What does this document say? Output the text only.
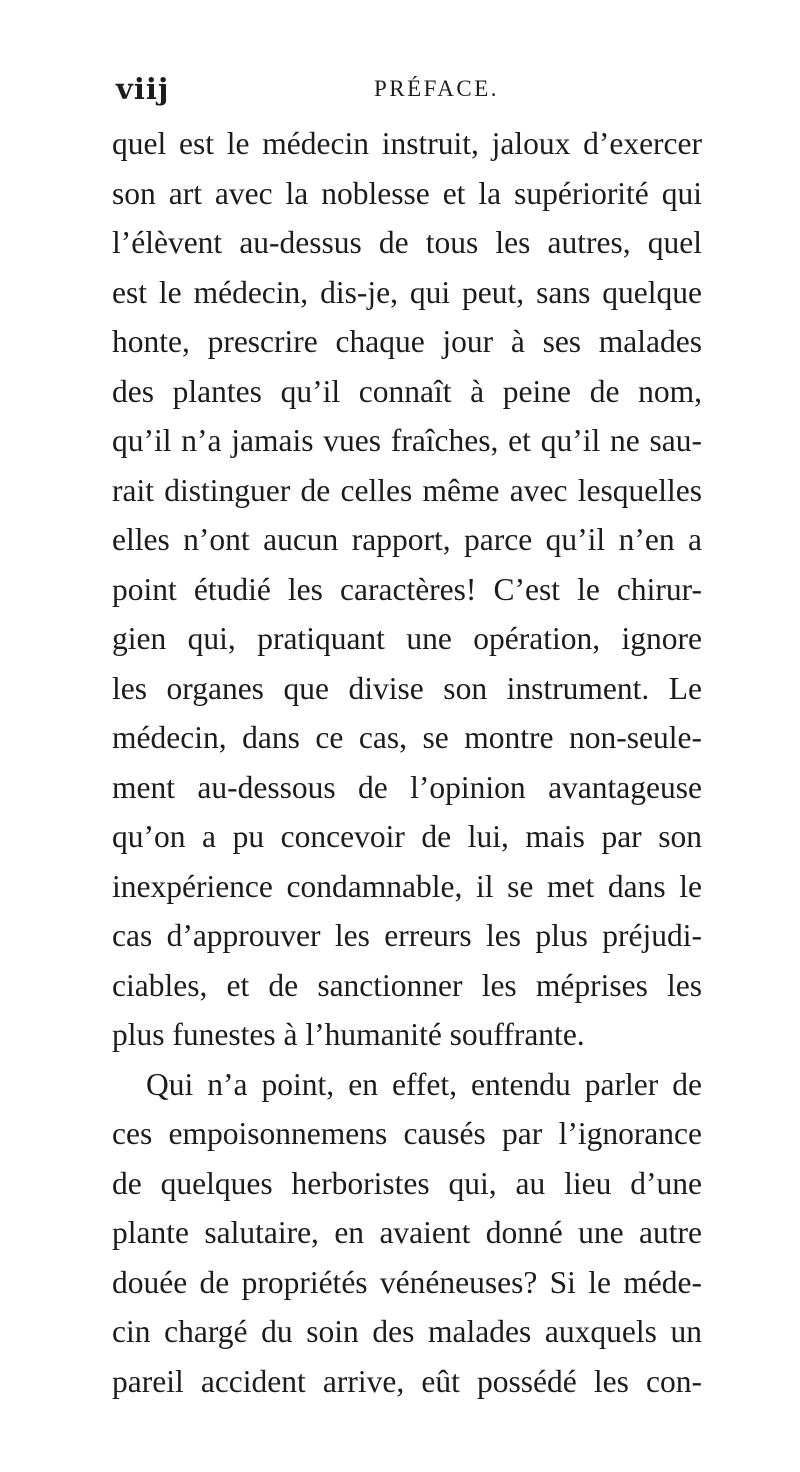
viij	PRÉFACE.
quel est le médecin instruit, jaloux d’exercer
son art avec la noblesse et la supériorité qui
l’élèvent au-dessus de tous les autres, quel
est le médecin, dis-je, qui peut, sans quelque
honte, prescrire chaque jour à ses malades
des plantes qu’il connaît à peine de nom,
qu’il n’a jamais vues fraîches, et qu’il ne sau-
rait distinguer de celles même avec lesquelles
elles n’ont aucun rapport, parce qu’il n’en a
point étudié les caractères! C’est le chirur-
gien qui, pratiquant une opération, ignore
les organes que divise son instrument. Le
médecin, dans ce cas, se montre non-seule-
ment au-dessous de l’opinion avantageuse
qu’on a pu concevoir de lui, mais par son
inexpérience condamnable, il se met dans le
cas d’approuver les erreurs les plus préjudi-
ciables, et de sanctionner les méprises les
plus funestes à l’humanité souffrante.
Qui n’a point, en effet, entendu parler de
ces empoisonnemens causés par l’ignorance
de quelques herboristes qui, au lieu d’une
plante salutaire, en avaient donné une autre
douée de propriétés vénéneuses? Si le méde-
cin chargé du soin des malades auxquels un
pareil accident arrive, eût possédé les con-
